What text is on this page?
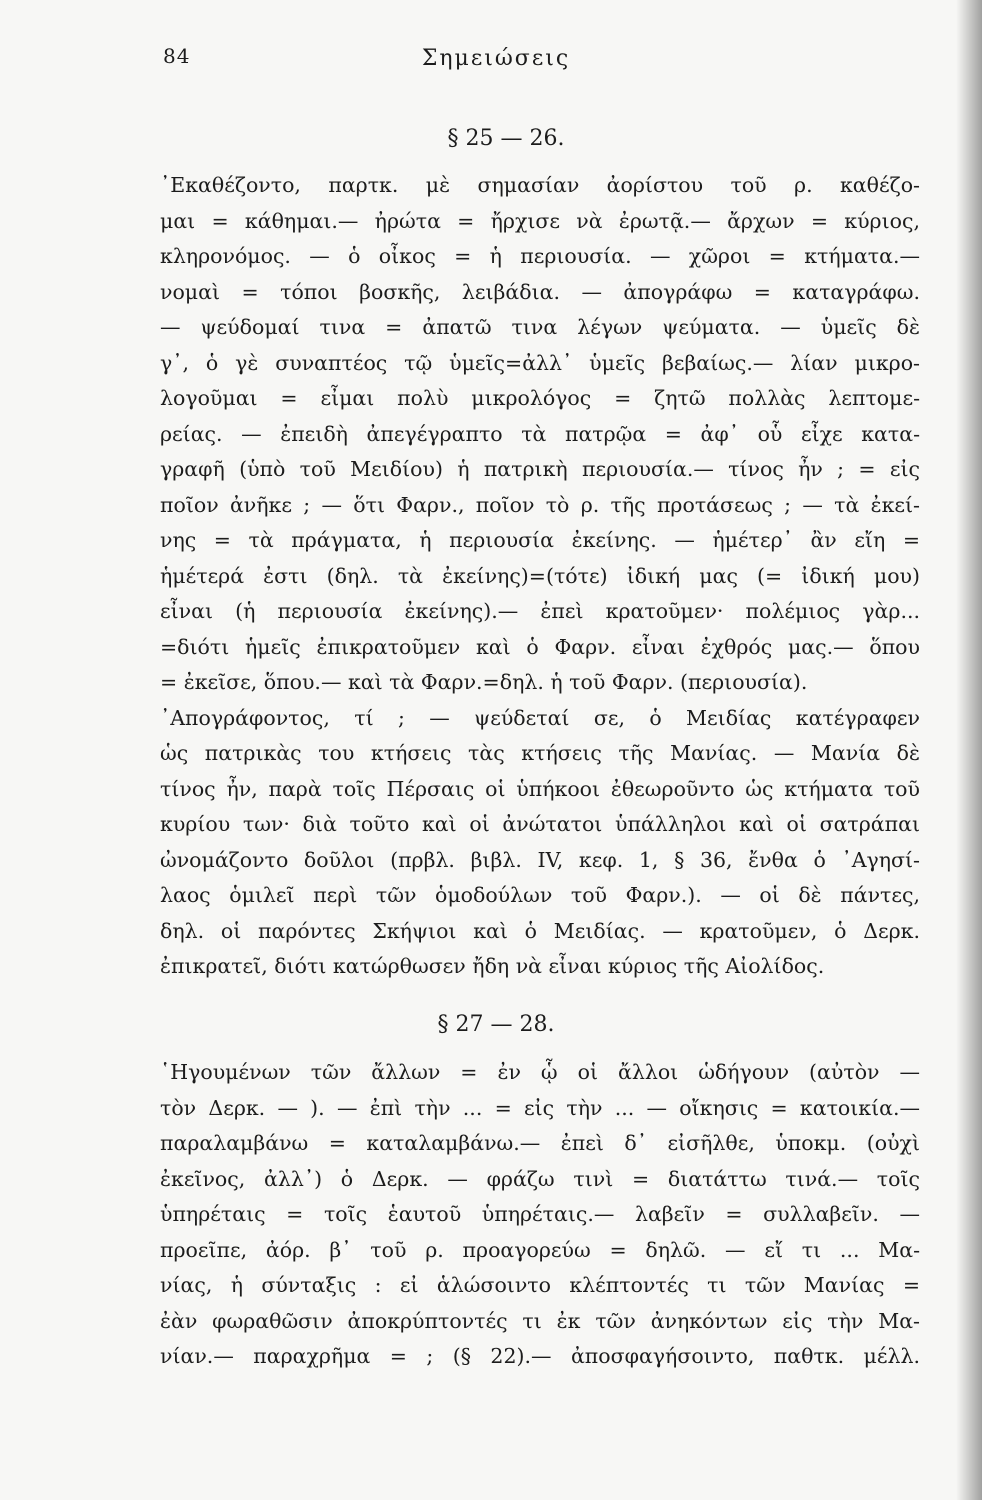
84	Σημειώσεις
§ 25 — 26.
᾽Εκαθέζοντο, παρτκ. μὲ σημασίαν ἀορίστου τοῦ ρ. καθέζο-
μαι = κάθημαι.— ἠρώτα = ἤρχισε νὰ ἐρωτᾷ.— ἄρχων = κύριος,
κληρονόμος. — ὁ οἶκος = ἡ περιουσία. — χῶροι = κτήματα.—
νομαὶ = τόποι βοσκῆς, λειβάδια. — ἀπογράφω = καταγράφω.
— ψεύδομαί τινα = ἀπατῶ τινα λέγων ψεύματα. — ὑμεῖς δὲ
γ᾽, ὁ γὲ συναπτέος τῷ ὑμεῖς=ἀλλ᾽ ὑμεῖς βεβαίως.— λίαν μικρο-
λογοῦμαι = εἶμαι πολὺ μικρολόγος = ζητῶ πολλὰς λεπτομε-
ρείας. — ἐπειδὴ ἀπεγέγραπτο τὰ πατρῷα = ἀφ᾽ οὗ εἶχε κατα-
γραφῆ (ὑπὸ τοῦ Μειδίου) ἡ πατρικὴ περιουσία.— τίνος ἦν ; = εἰς
ποῖον ἀνῆκε ; — ὅτι Φαρν., ποῖον τὸ ρ. τῆς προτάσεως ; — τὰ ἐκεί-
νης = τὰ πράγματα, ἡ περιουσία ἐκείνης. — ἡμέτερ᾽ ἂν εἴη =
ἡμέτερά ἐστι (δηλ. τὰ ἐκείνης)=(τότε) ἰδική μας (= ἰδική μου)
εἶναι (ἡ περιουσία ἐκείνης).— ἐπεὶ κρατοῦμεν· πολέμιος γὰρ...
=διότι ἡμεῖς ἐπικρατοῦμεν καὶ ὁ Φαρν. εἶναι ἐχθρός μας.— ὅπου
= ἐκεῖσε, ὅπου.— καὶ τὰ Φαρν.=δηλ. ἡ τοῦ Φαρν. (περιουσία).
᾽Απογράφοντος, τί ; — ψεύδεταί σε, ὁ Μειδίας κατέγραφεν
ὡς πατρικὰς του κτήσεις τὰς κτήσεις τῆς Μανίας. — Μανία δὲ
τίνος ἦν, παρὰ τοῖς Πέρσαις οἱ ὑπήκοοι ἐθεωροῦντο ὡς κτήματα τοῦ
κυρίου των· διὰ τοῦτο καὶ οἱ ἀνώτατοι ὑπάλληλοι καὶ οἱ σατράπαι
ὠνομάζοντο δοῦλοι (πρβλ. βιβλ. IV, κεφ. 1, § 36, ἔνθα ὁ ᾽Αγησί-
λαος ὁμιλεῖ περὶ τῶν ὁμοδούλων τοῦ Φαρν.). — οἱ δὲ πάντες,
δηλ. οἱ παρόντες Σκήψιοι καὶ ὁ Μειδίας. — κρατοῦμεν, ὁ Δερκ.
ἐπικρατεῖ, διότι κατώρθωσεν ἤδη νὰ εἶναι κύριος τῆς Αἰολίδος.
§ 27 — 28.
῾Ηγουμένων τῶν ἄλλων = ἐν ᾧ οἱ ἄλλοι ὡδήγουν (αὐτὸν —
τὸν Δερκ. — ). — ἐπὶ τὴν ... = εἰς τὴν ... — οἴκησις = κατοικία.—
παραλαμβάνω = καταλαμβάνω.— ἐπεὶ δ᾽ εἰσῆλθε, ὑποκμ. (οὐχὶ
ἐκεῖνος, ἀλλ᾽) ὁ Δερκ. — φράζω τινὶ = διατάττω τινά.— τοῖς
ὑπηρέταις = τοῖς ἑαυτοῦ ὑπηρέταις.— λαβεῖν = συλλαβεῖν. —
προεῖπε, ἀόρ. β᾽ τοῦ ρ. προαγορεύω = δηλῶ. — εἴ τι ... Μα-
νίας, ἡ σύνταξις : εἰ ἁλώσοιντο κλέπτοντές τι τῶν Μανίας =
ἐὰν φωραθῶσιν ἀποκρύπτοντές τι ἐκ τῶν ἀνηκόντων εἰς τὴν Μα-
νίαν.— παραχρῆμα = ; (§ 22).— ἀποσφαγήσοιντο, παθτκ. μέλλ.
